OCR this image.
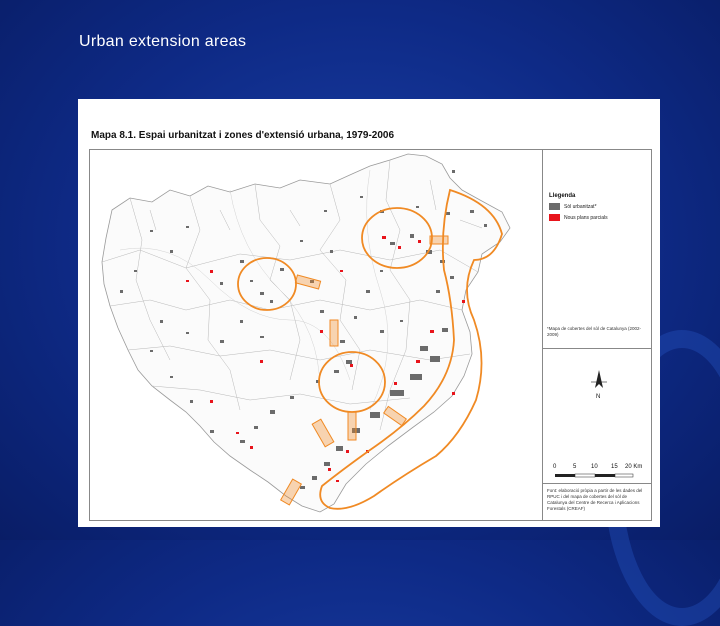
Urban extension areas
Mapa 8.1. Espai urbanitzat i zones d'extensió urbana, 1979-2006
Llegenda
Sòl urbanitzat*
Nous plans parcials
*Mapa de cobertes del sòl de Catalunya (2002-2009)
N
0	5 10 15 20 Km
Font: elaboració pròpia a partir de les dades del RPUC i del mapa de cobertes del sòl de Catalunya del Centre de Recerca i Aplicacions Forestals (CREAF)
